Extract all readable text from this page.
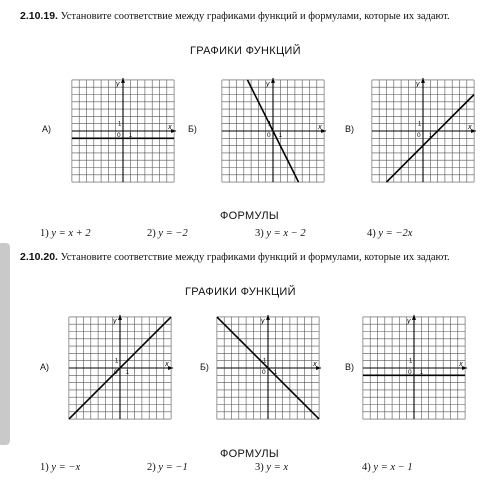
2.10.19. Установите соответствие между графиками функций и формулами, которые их задают.
ГРАФИКИ ФУНКЦИЙ
А)	x
y
0 1
1	Б)	x
y
0 1
В)	x
y
0 1
1
ФОРМУЛЫ
1) y = x + 2	2) y = −2	3) y = x − 2	4) y = −2x
2.10.20. Установите соответствие между графиками функций и формулами, которые их задают.
ГРАФИКИ ФУНКЦИЙ
А)	x
y
1
1
Б)	x
y
0 1
1
В)	x
y
0 1
1
ФОРМУЛЫ
1) y = −x	2) y = −1	3) y = x	4) y = x − 1
